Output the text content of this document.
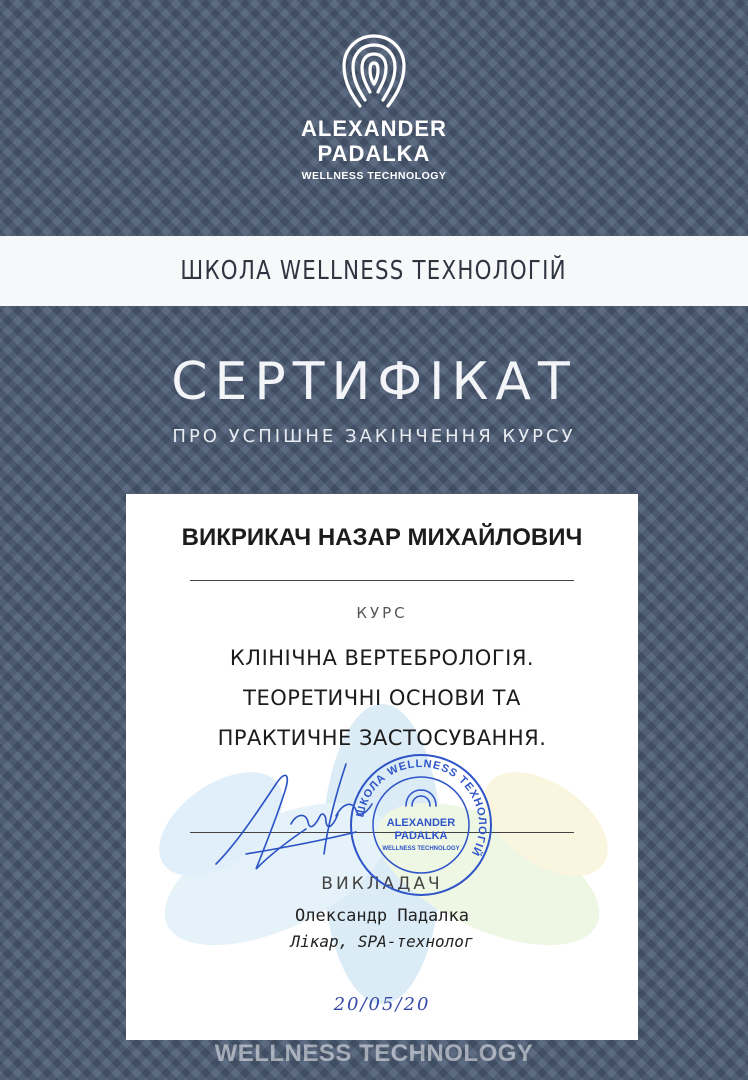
ALEXANDER
PADALKA
WELLNESS TECHNOLOGY
ШКОЛА WELLNESS ТЕХНОЛОГІЙ
СЕРТИФІКАТ
ПРО УСПІШНЕ ЗАКІНЧЕННЯ КУРСУ
ВИКРИКАЧ НАЗАР МИХАЙЛОВИЧ
КУРС
КЛІНІЧНА ВЕРТЕБРОЛОГІЯ.
ТЕОРЕТИЧНІ ОСНОВИ ТА
ПРАКТИЧНЕ ЗАСТОСУВАННЯ.
ВИКЛАДАЧ
Олександр Падалка
Лікар, SPA-технолог
ШКОЛА WELLNESS ТЕХНОЛОГІЙ
ALEXANDER
PADALKA
WELLNESS TECHNOLOGY
20/05/20
WELLNESS TECHNOLOGY
